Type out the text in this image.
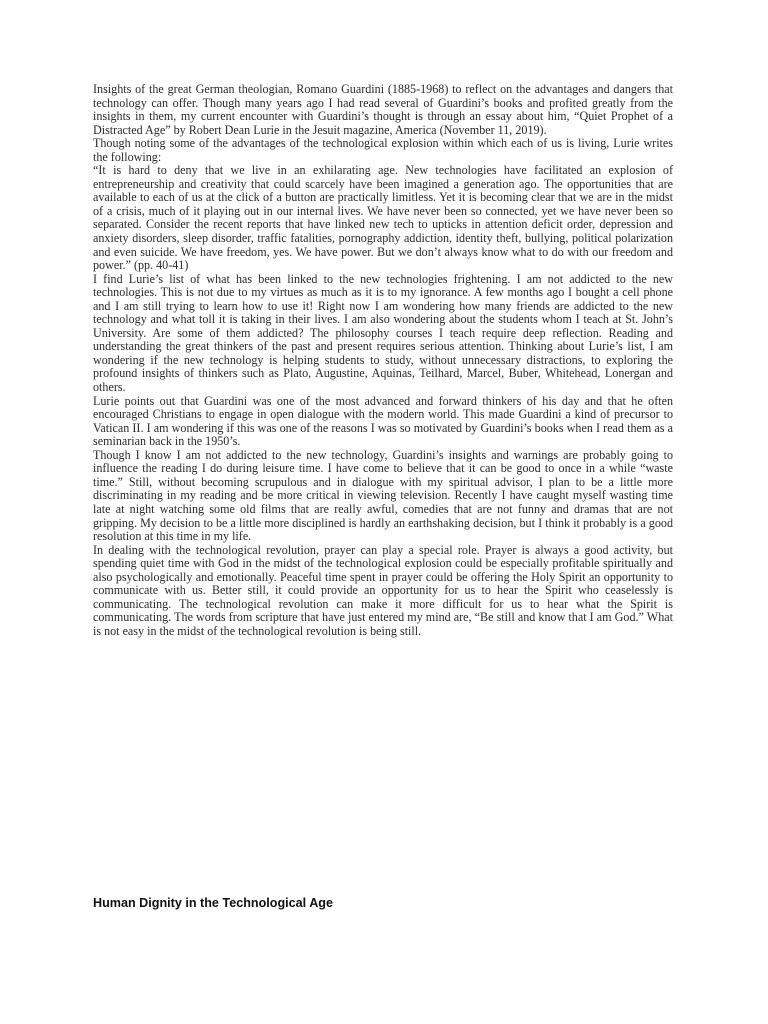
Insights of the great German theologian, Romano Guardini (1885-1968) to reflect on the advantages and dangers that technology can offer. Though many years ago I had read several of Guardini’s books and profited greatly from the insights in them, my current encounter with Guardini’s thought is through an essay about him, “Quiet Prophet of a Distracted Age” by Robert Dean Lurie in the Jesuit magazine, America (November 11, 2019).

Though noting some of the advantages of the technological explosion within which each of us is living, Lurie writes the following:

“It is hard to deny that we live in an exhilarating age. New technologies have facilitated an explosion of entrepreneurship and creativity that could scarcely have been imagined a generation ago. The opportunities that are available to each of us at the click of a button are practically limitless. Yet it is becoming clear that we are in the midst of a crisis, much of it playing out in our internal lives. We have never been so connected, yet we have never been so separated. Consider the recent reports that have linked new tech to upticks in attention deficit order, depression and anxiety disorders, sleep disorder, traffic fatalities, pornography addiction, identity theft, bullying, political polarization and even suicide. We have freedom, yes. We have power. But we don’t always know what to do with our freedom and power.” (pp. 40-41)

I find Lurie’s list of what has been linked to the new technologies frightening. I am not addicted to the new technologies. This is not due to my virtues as much as it is to my ignorance. A few months ago I bought a cell phone and I am still trying to learn how to use it! Right now I am wondering how many friends are addicted to the new technology and what toll it is taking in their lives. I am also wondering about the students whom I teach at St. John’s University. Are some of them addicted? The philosophy courses I teach require deep reflection. Reading and understanding the great thinkers of the past and present requires serious attention. Thinking about Lurie’s list, I am wondering if the new technology is helping students to study, without unnecessary distractions, to exploring the profound insights of thinkers such as Plato, Augustine, Aquinas, Teilhard, Marcel, Buber, Whitehead, Lonergan and others.

Lurie points out that Guardini was one of the most advanced and forward thinkers of his day and that he often encouraged Christians to engage in open dialogue with the modern world. This made Guardini a kind of precursor to Vatican II. I am wondering if this was one of the reasons I was so motivated by Guardini’s books when I read them as a seminarian back in the 1950’s.

Though I know I am not addicted to the new technology, Guardini’s insights and warnings are probably going to influence the reading I do during leisure time. I have come to believe that it can be good to once in a while “waste time.” Still, without becoming scrupulous and in dialogue with my spiritual advisor, I plan to be a little more discriminating in my reading and be more critical in viewing television. Recently I have caught myself wasting time late at night watching some old films that are really awful, comedies that are not funny and dramas that are not gripping. My decision to be a little more disciplined is hardly an earthshaking decision, but I think it probably is a good resolution at this time in my life.

In dealing with the technological revolution, prayer can play a special role. Prayer is always a good activity, but spending quiet time with God in the midst of the technological explosion could be especially profitable spiritually and also psychologically and emotionally. Peaceful time spent in prayer could be offering the Holy Spirit an opportunity to communicate with us. Better still, it could provide an opportunity for us to hear the Spirit who ceaselessly is communicating. The technological revolution can make it more difficult for us to hear what the Spirit is communicating. The words from scripture that have just entered my mind are, “Be still and know that I am God.” What is not easy in the midst of the technological revolution is being still.

Human Dignity in the Technological Age
